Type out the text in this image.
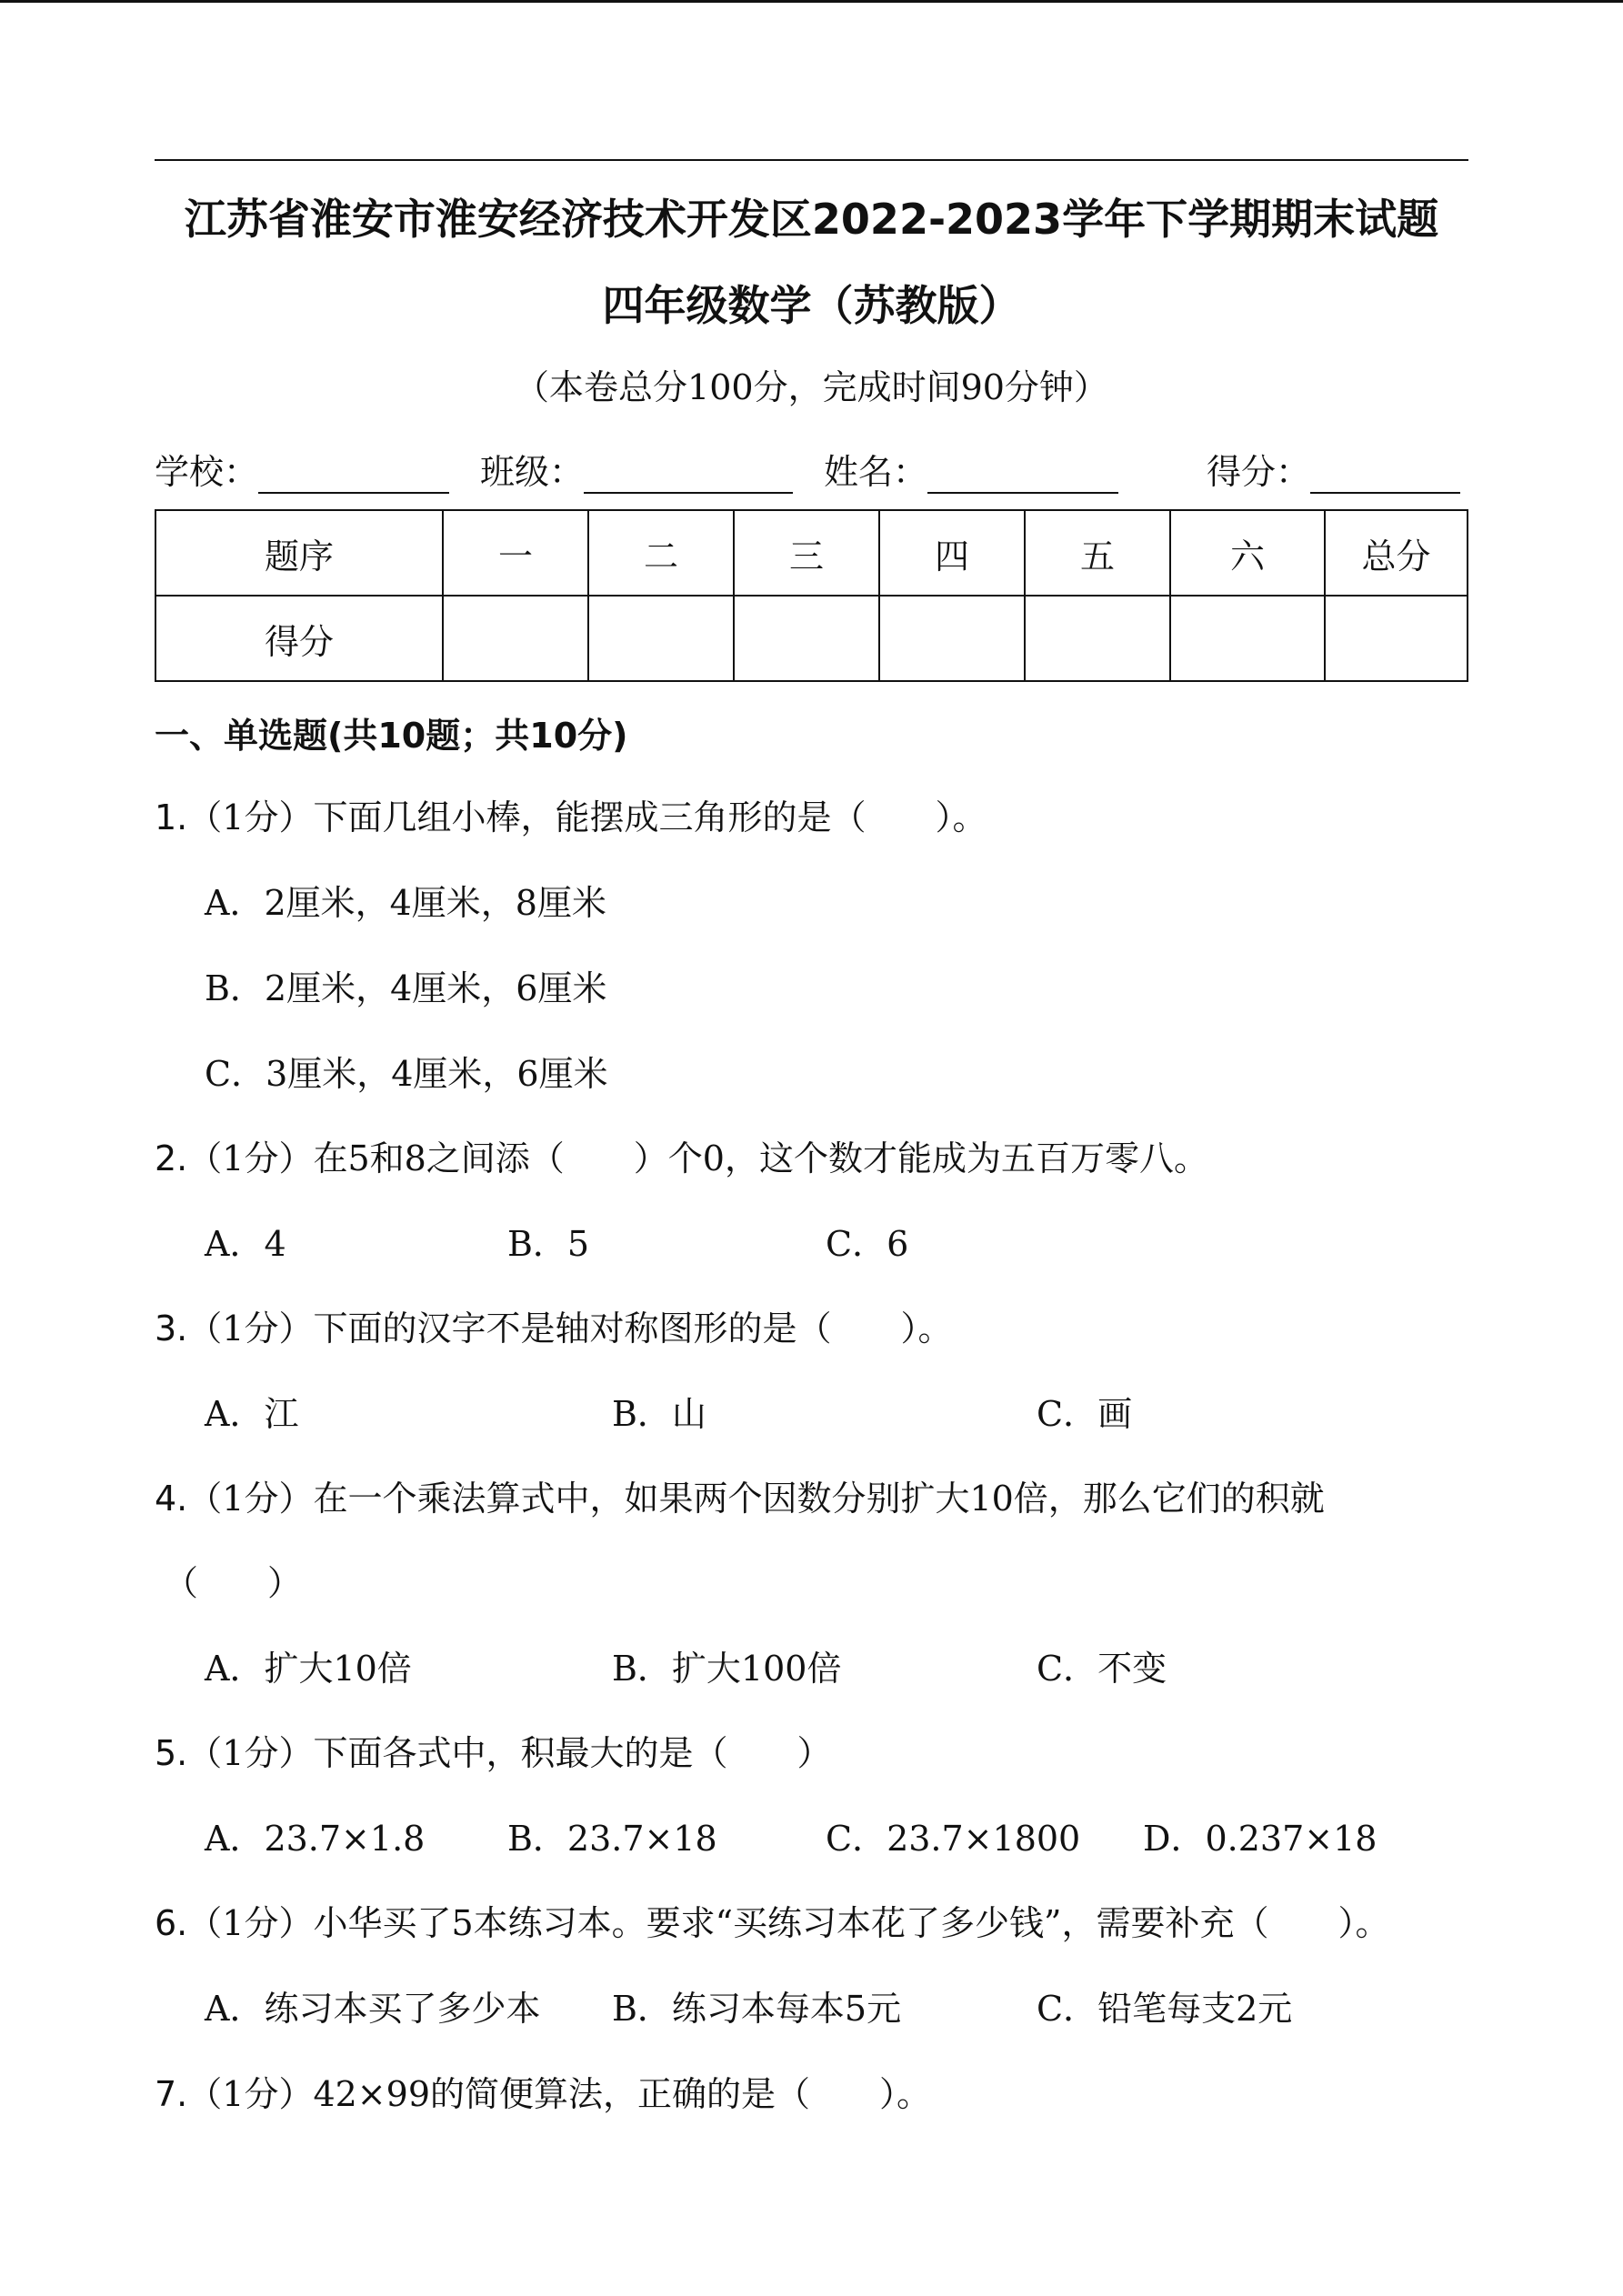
江苏省淮安市淮安经济技术开发区2022-2023学年下学期期末试题
四年级数学（苏教版）
（本卷总分100分，完成时间90分钟）
学校：	班级：	姓名：	得分：
题序	一	二	三	四	五	六	总分
得分							
一、单选题(共10题；共10分)
1.（1分）下面几组小棒，能摆成三角形的是（　　）。
A．2厘米，4厘米，8厘米
B．2厘米，4厘米，6厘米
C．3厘米，4厘米，6厘米
2.（1分）在5和8之间添（　　）个0，这个数才能成为五百万零八。
A．4	B．5	C．6
3.（1分）下面的汉字不是轴对称图形的是（　　）。
A．江	B．山	C．画
4.（1分）在一个乘法算式中，如果两个因数分别扩大10倍，那么它们的积就
（　　）
A．扩大10倍	B．扩大100倍	C．不变
5.（1分）下面各式中，积最大的是（　　）
A．23.7×1.8 B．23.7×18	C．23.7×1800 D．0.237×18
6.（1分）小华买了5本练习本。要求“买练习本花了多少钱”，需要补充（　　）。
A．练习本买了多少本 B．练习本每本5元	C．铅笔每支2元
7.（1分）42×99的简便算法，正确的是（　　）。
